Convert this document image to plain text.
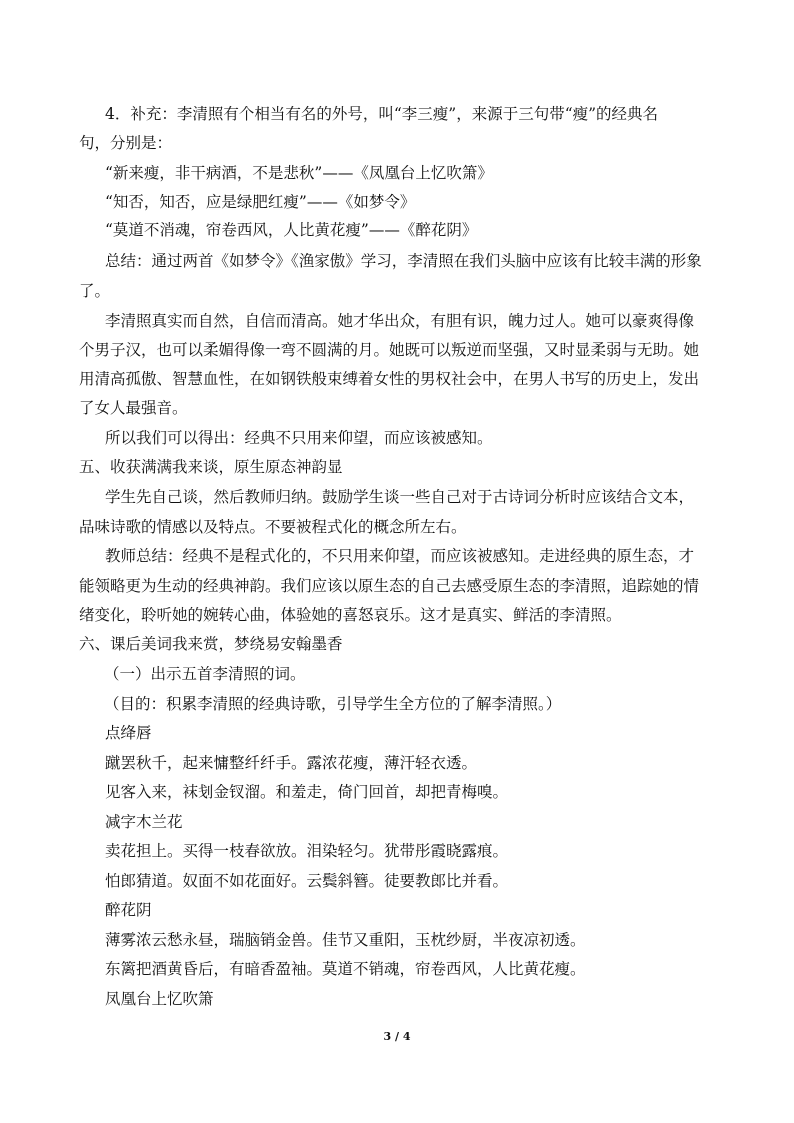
4．补充：李清照有个相当有名的外号，叫“李三瘦”，来源于三句带“瘦”的经典名

句，分别是：

“新来瘦，非干病酒，不是悲秋”——《凤凰台上忆吹箫》

“知否，知否，应是绿肥红瘦”——《如梦令》

“莫道不消魂，帘卷西风，人比黄花瘦”——《醉花阴》

总结：通过两首《如梦令》《渔家傲》学习，李清照在我们头脑中应该有比较丰满的形象

了。

李清照真实而自然，自信而清高。她才华出众，有胆有识，魄力过人。她可以豪爽得像

个男子汉，也可以柔媚得像一弯不圆满的月。她既可以叛逆而坚强，又时显柔弱与无助。她

用清高孤傲、智慧血性，在如钢铁般束缚着女性的男权社会中，在男人书写的历史上，发出

了女人最强音。

所以我们可以得出：经典不只用来仰望，而应该被感知。

五、收获满满我来谈，原生原态神韵显

学生先自己谈，然后教师归纳。鼓励学生谈一些自己对于古诗词分析时应该结合文本，

品味诗歌的情感以及特点。不要被程式化的概念所左右。

教师总结：经典不是程式化的，不只用来仰望，而应该被感知。走进经典的原生态，才

能领略更为生动的经典神韵。我们应该以原生态的自己去感受原生态的李清照，追踪她的情

绪变化，聆听她的婉转心曲，体验她的喜怒哀乐。这才是真实、鲜活的李清照。

六、课后美词我来赏，梦绕易安翰墨香

（一）出示五首李清照的词。

（目的：积累李清照的经典诗歌，引导学生全方位的了解李清照。）

点绛唇

蹴罢秋千，起来慵整纤纤手。露浓花瘦，薄汗轻衣透。

见客入来，袜刬金钗溜。和羞走，倚门回首，却把青梅嗅。

减字木兰花

卖花担上。买得一枝春欲放。泪染轻匀。犹带彤霞晓露痕。

怕郎猜道。奴面不如花面好。云鬓斜簪。徒要教郎比并看。

醉花阴

薄雾浓云愁永昼，瑞脑销金兽。佳节又重阳，玉枕纱厨，半夜凉初透。

东篱把酒黄昏后，有暗香盈袖。莫道不销魂，帘卷西风，人比黄花瘦。

凤凰台上忆吹箫

3 / 4
